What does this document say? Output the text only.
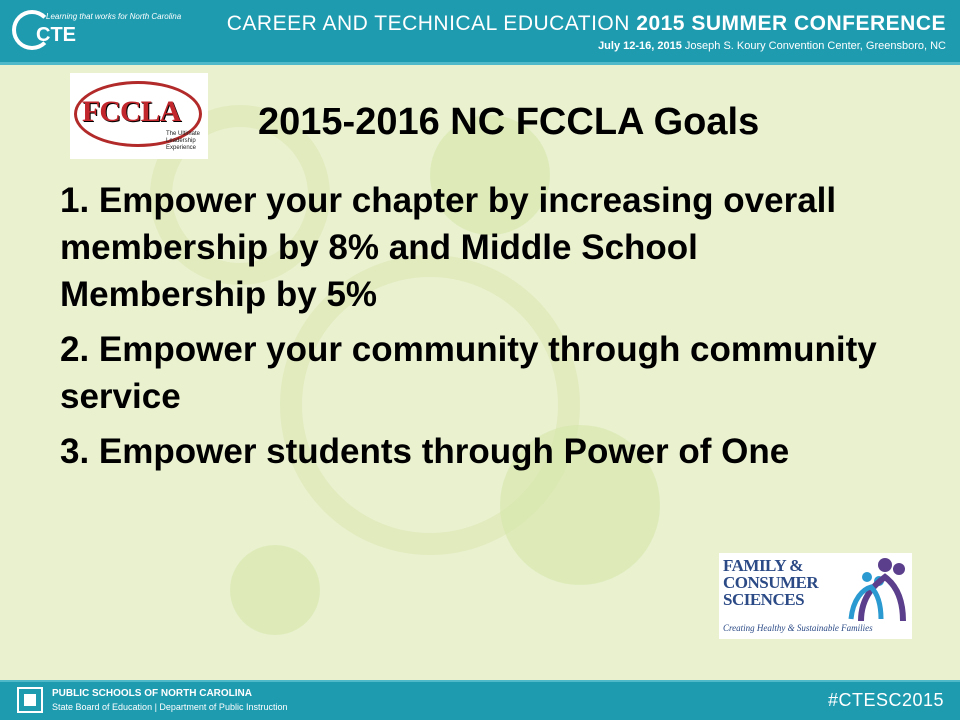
Learning that works for North Carolina
CTE	CAREER AND TECHNICAL EDUCATION 2015 SUMMER CONFERENCE
July 12-16, 2015 Joseph S. Koury Convention Center, Greensboro, NC
FCCLA
The Ultimate Leadership Experience
2015-2016 NC FCCLA Goals
1. Empower your chapter by increasing overall membership by 8% and Middle School Membership by 5%
2. Empower your community through community service
3. Empower students through Power of One
FAMILY &
CONSUMER
SCIENCES
Creating Healthy & Sustainable Families
PUBLIC SCHOOLS OF NORTH CAROLINA
State Board of Education | Department of Public Instruction	#CTESC2015
